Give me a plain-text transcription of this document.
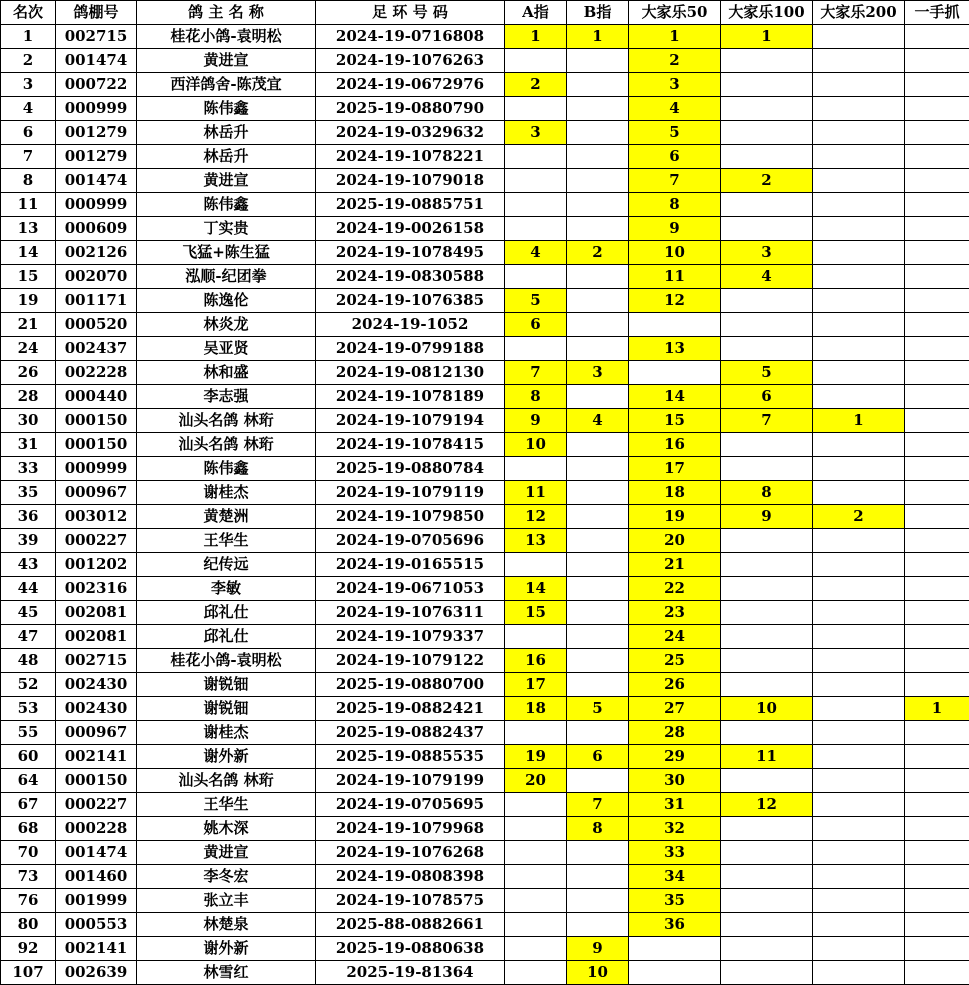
名次	鸽棚号	鸽 主 名 称	足 环 号 码	A指	B指	大家乐50	大家乐100	大家乐200	一手抓
1	002715	桂花小鸽-袁明松	2024-19-0716808	1	1	1	1		
2	001474	黄进宣	2024-19-1076263			2			
3	000722	西洋鸽舍-陈茂宜	2024-19-0672976	2		3			
4	000999	陈伟鑫	2025-19-0880790			4			
6	001279	林岳升	2024-19-0329632	3		5			
7	001279	林岳升	2024-19-1078221			6			
8	001474	黄进宣	2024-19-1079018			7	2		
11	000999	陈伟鑫	2025-19-0885751			8			
13	000609	丁实贵	2024-19-0026158			9			
14	002126	飞猛+陈生猛	2024-19-1078495	4	2	10	3		
15	002070	泓顺-纪团拳	2024-19-0830588			11	4		
19	001171	陈逸伦	2024-19-1076385	5		12			
21	000520	林炎龙	2024-19-1052	6					
24	002437	吴亚贤	2024-19-0799188			13			
26	002228	林和盛	2024-19-0812130	7	3		5		
28	000440	李志强	2024-19-1078189	8		14	6		
30	000150	汕头名鸽 林珩	2024-19-1079194	9	4	15	7	1	
31	000150	汕头名鸽 林珩	2024-19-1078415	10		16			
33	000999	陈伟鑫	2025-19-0880784			17			
35	000967	谢桂杰	2024-19-1079119	11		18	8		
36	003012	黄楚洲	2024-19-1079850	12		19	9	2	
39	000227	王华生	2024-19-0705696	13		20			
43	001202	纪传远	2024-19-0165515			21			
44	002316	李敏	2024-19-0671053	14		22			
45	002081	邱礼仕	2024-19-1076311	15		23			
47	002081	邱礼仕	2024-19-1079337			24			
48	002715	桂花小鸽-袁明松	2024-19-1079122	16		25			
52	002430	谢锐钿	2025-19-0880700	17		26			
53	002430	谢锐钿	2025-19-0882421	18	5	27	10		1
55	000967	谢桂杰	2025-19-0882437			28			
60	002141	谢外新	2025-19-0885535	19	6	29	11		
64	000150	汕头名鸽 林珩	2024-19-1079199	20		30			
67	000227	王华生	2024-19-0705695		7	31	12		
68	000228	姚木深	2024-19-1079968		8	32			
70	001474	黄进宣	2024-19-1076268			33			
73	001460	李冬宏	2024-19-0808398			34			
76	001999	张立丰	2024-19-1078575			35			
80	000553	林楚泉	2025-88-0882661			36			
92	002141	谢外新	2025-19-0880638		9				
107	002639	林雪红	2025-19-81364		10				
